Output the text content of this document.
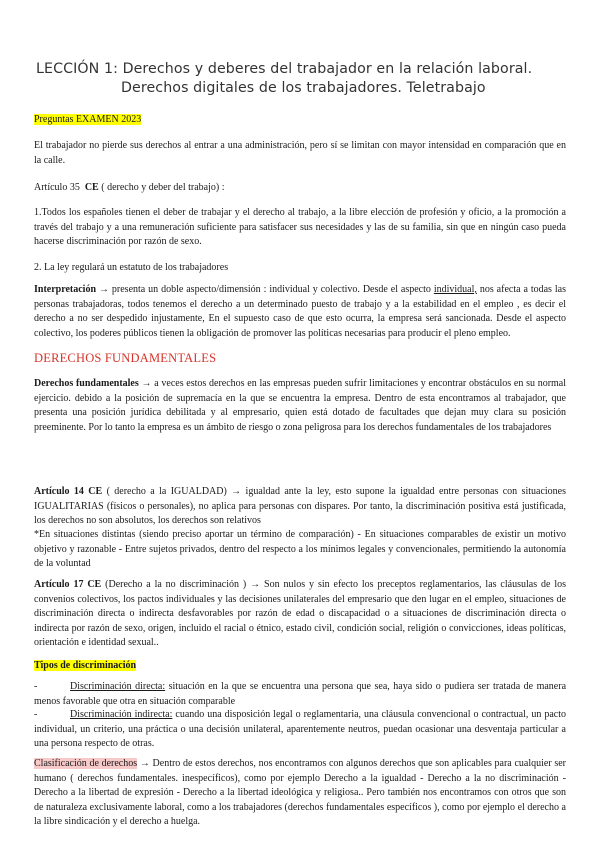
LECCIÓN 1: Derechos y deberes del trabajador en la relación laboral.
Derechos digitales de los trabajadores. Teletrabajo
Preguntas EXAMEN 2023
El trabajador no pierde sus derechos al entrar a una administración, pero sí se limitan con mayor intensidad en comparación que en la calle.
Artículo 35 CE ( derecho y deber del trabajo) :
1.Todos los españoles tienen el deber de trabajar y el derecho al trabajo, a la libre elección de profesión y oficio, a la promoción a través del trabajo y a una remuneración suficiente para satisfacer sus necesidades y las de su familia, sin que en ningún caso pueda hacerse discriminación por razón de sexo.
2. La ley regulará un estatuto de los trabajadores
Interpretación → presenta un doble aspecto/dimensión : individual y colectivo. Desde el aspecto individual, nos afecta a todas las personas trabajadoras, todos tenemos el derecho a un determinado puesto de trabajo y a la estabilidad en el empleo , es decir el derecho a no ser despedido injustamente, En el supuesto caso de que esto ocurra, la empresa será sancionada. Desde el aspecto colectivo, los poderes públicos tienen la obligación de promover las políticas necesarias para producir el pleno empleo.
DERECHOS FUNDAMENTALES
Derechos fundamentales → a veces estos derechos en las empresas pueden sufrir limitaciones y encontrar obstáculos en su normal ejercicio. debido a la posición de supremacía en la que se encuentra la empresa. Dentro de esta encontramos al trabajador, que presenta una posición jurídica debilitada y al empresario, quien está dotado de facultades que dejan muy clara su posición preeminente. Por lo tanto la empresa es un ámbito de riesgo o zona peligrosa para los derechos fundamentales de los trabajadores
Artículo 14 CE ( derecho a la IGUALDAD) → igualdad ante la ley, esto supone la igualdad entre personas con situaciones IGUALITARIAS (físicos o personales), no aplica para personas con dispares. Por tanto, la discriminación positiva está justificada, los derechos no son absolutos, los derechos son relativos
*En situaciones distintas (siendo preciso aportar un término de comparación) - En situaciones comparables de existir un motivo objetivo y razonable - Entre sujetos privados, dentro del respecto a los mínimos legales y convencionales, permitiendo la autonomía de la voluntad
Artículo 17 CE (Derecho a la no discriminación ) → Son nulos y sin efecto los preceptos reglamentarios, las cláusulas de los convenios colectivos, los pactos individuales y las decisiones unilaterales del empresario que den lugar en el empleo, situaciones de discriminación directa o indirecta desfavorables por razón de edad o discapacidad o a situaciones de discriminación directa o indirecta por razón de sexo, origen, incluido el racial o étnico, estado civil, condición social, religión o convicciones, ideas políticas, orientación e identidad sexual..
Tipos de discriminación
-	Discriminación directa: situación en la que se encuentra una persona que sea, haya sido o pudiera ser tratada de manera menos favorable que otra en situación comparable
-	Discriminación indirecta: cuando una disposición legal o reglamentaria, una cláusula convencional o contractual, un pacto individual, un criterio, una práctica o una decisión unilateral, aparentemente neutros, puedan ocasionar una desventaja particular a una persona respecto de otras.
Clasificación de derechos → Dentro de estos derechos, nos encontramos con algunos derechos que son aplicables para cualquier ser humano ( derechos fundamentales. inespecíficos), como por ejemplo Derecho a la igualdad - Derecho a la no discriminación - Derecho a la libertad de expresión - Derecho a la libertad ideológica y religiosa.. Pero también nos encontramos con otros que son de naturaleza exclusivamente laboral, como a los trabajadores (derechos fundamentales específicos ), como por ejemplo el derecho a la libre sindicación y el derecho a huelga.
